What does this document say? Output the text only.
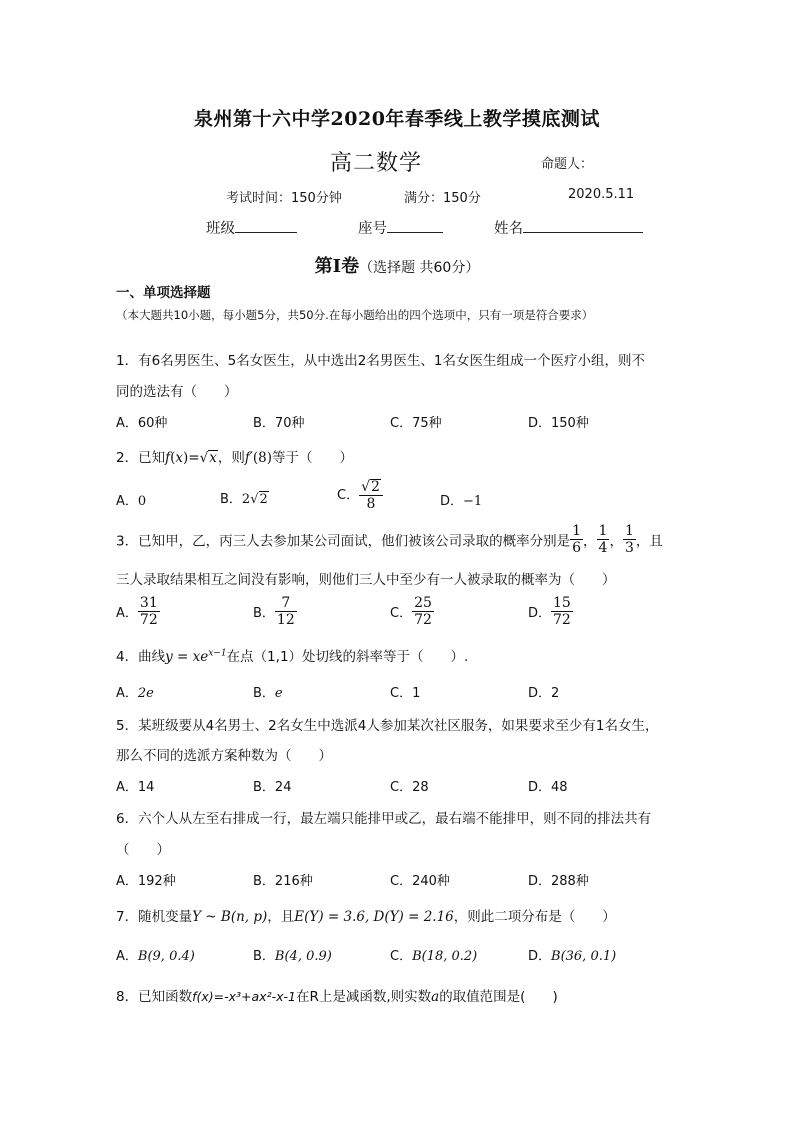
泉州第十六中学2020年春季线上教学摸底测试
高二数学	命题人：
考试时间：150分钟	满分：150分	2020.5.11
班级	座号	姓名
第Ⅰ卷（选择题 共60分）
一、单项选择题（本大题共10小题，每小题5分，共50分.在每小题给出的四个选项中，只有一项是符合要求）
1．有6名男医生、5名女医生，从中选出2名男医生、1名女医生组成一个医疗小组，则不
同的选法有（　　）
A．60种	B．70种	C．75种	D．150种
2．已知f(x)=√x，则f′(8)等于（　　）
A．0	B．2√2	C． $\frac{√2}{8}$	D．−1
3．已知甲，乙，丙三人去参加某公司面试，他们被该公司录取的概率分别是 $\frac{1}{6}$ ， $\frac{1}{4}$ ， $\frac{1}{3}$ ，且
三人录取结果相互之间没有影响，则他们三人中至少有一人被录取的概率为（　　）
A． $\frac{31}{72}$	B． $\frac{7}{12}$	C． $\frac{25}{72}$	D． $\frac{15}{72}$
4．曲线$y = xe^{x-1}$在点（1,1）处切线的斜率等于（　　）.
A．2e	B．e	C．1	D．2
5．某班级要从4名男士、2名女生中选派4人参加某次社区服务，如果要求至少有1名女生，
那么不同的选派方案种数为（　　）
A．14	B．24	C．28	D．48
6．六个人从左至右排成一行，最左端只能排甲或乙，最右端不能排甲，则不同的排法共有
（　　）
A．192种	B．216种	C．240种	D．288种
7．随机变量Y ~ B(n, p)，且E(Y) = 3.6, D(Y) = 2.16，则此二项分布是（　　）
A．B(9, 0.4)	B．B(4, 0.9)	C．B(18, 0.2)	D．B(36, 0.1)
8．已知函数f(x)=-x³+ax²-x-1在R上是减函数,则实数a的取值范围是(　　)
